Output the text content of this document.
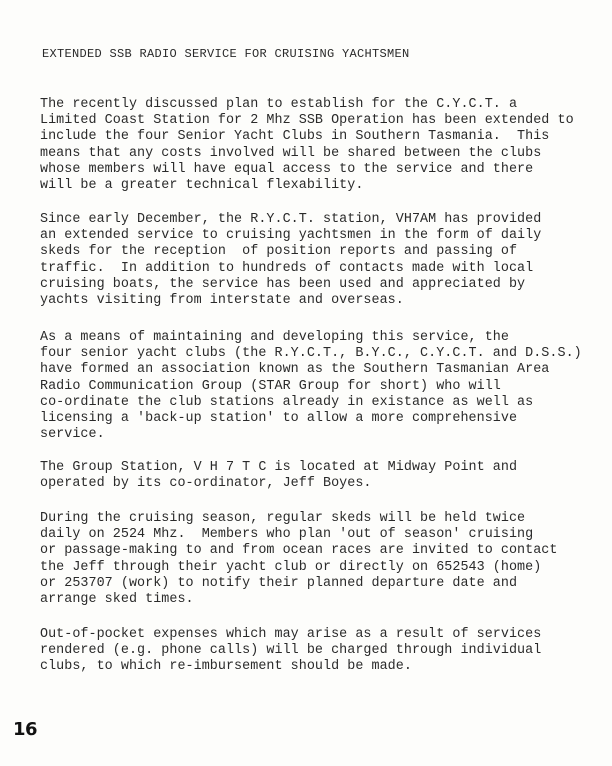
EXTENDED SSB RADIO SERVICE FOR CRUISING YACHTSMEN
The recently discussed plan to establish for the C.Y.C.T. a
Limited Coast Station for 2 Mhz SSB Operation has been extended to
include the four Senior Yacht Clubs in Southern Tasmania.  This
means that any costs involved will be shared between the clubs
whose members will have equal access to the service and there
will be a greater technical flexability.
Since early December, the R.Y.C.T. station, VH7AM has provided
an extended service to cruising yachtsmen in the form of daily
skeds for the reception  of position reports and passing of
traffic.  In addition to hundreds of contacts made with local
cruising boats, the service has been used and appreciated by
yachts visiting from interstate and overseas.
As a means of maintaining and developing this service, the
four senior yacht clubs (the R.Y.C.T., B.Y.C., C.Y.C.T. and D.S.S.)
have formed an association known as the Southern Tasmanian Area
Radio Communication Group (STAR Group for short) who will
co-ordinate the club stations already in existance as well as
licensing a 'back-up station' to allow a more comprehensive
service.
The Group Station, V H 7 T C is located at Midway Point and
operated by its co-ordinator, Jeff Boyes.
During the cruising season, regular skeds will be held twice
daily on 2524 Mhz.  Members who plan 'out of season' cruising
or passage-making to and from ocean races are invited to contact
the Jeff through their yacht club or directly on 652543 (home)
or 253707 (work) to notify their planned departure date and
arrange sked times.
Out-of-pocket expenses which may arise as a result of services
rendered (e.g. phone calls) will be charged through individual
clubs, to which re-imbursement should be made.
16
